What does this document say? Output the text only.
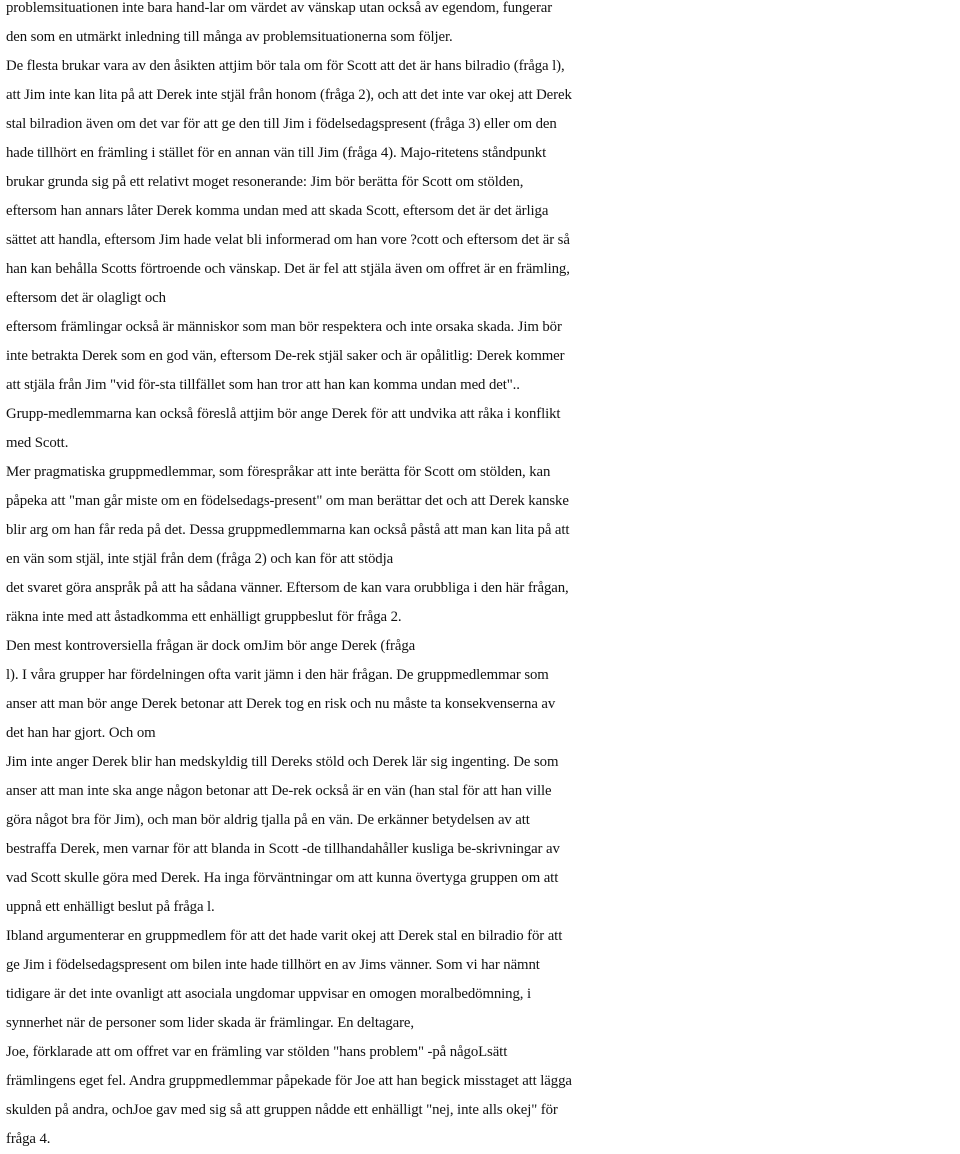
problemsituationen inte bara hand-lar om värdet av vänskap utan också av egendom, fungerar
den som en utmärkt inledning till många av problemsituationerna som följer.
De flesta brukar vara av den åsikten attjim bör tala om för Scott att det är hans bilradio (fråga l),
att Jim inte kan lita på att Derek inte stjäl från honom (fråga 2), och att det inte var okej att Derek
stal bilradion även om det var för att ge den till Jim i födelsedagspresent (fråga 3) eller om den
hade tillhört en främling i stället för en annan vän till Jim (fråga 4). Majo-ritetens ståndpunkt
brukar grunda sig på ett relativt moget resonerande: Jim bör berätta för Scott om stölden,
eftersom han annars låter Derek komma undan med att skada Scott, eftersom det är det ärliga
sättet att handla, eftersom Jim hade velat bli informerad om han vore ?cott och eftersom det är så
han kan behålla Scotts förtroende och vänskap. Det är fel att stjäla även om offret är en främling,
eftersom det är olagligt och
eftersom främlingar också är människor som man bör respektera och inte orsaka skada. Jim bör
inte betrakta Derek som en god vän, eftersom De-rek stjäl saker och är opålitlig: Derek kommer
att stjäla från Jim "vid för-sta tillfället som han tror att han kan komma undan med det"..
Grupp-medlemmarna kan också föreslå attjim bör ange Derek för att undvika att råka i konflikt
med Scott.
Mer pragmatiska gruppmedlemmar, som förespråkar att inte berätta för Scott om stölden, kan
påpeka att "man går miste om en födelsedags-present" om man berättar det och att Derek kanske
blir arg om han får reda på det. Dessa gruppmedlemmarna kan också påstå att man kan lita på att
en vän som stjäl, inte stjäl från dem (fråga 2) och kan för att stödja
det svaret göra anspråk på att ha sådana vänner. Eftersom de kan vara orubbliga i den här frågan,
räkna inte med att åstadkomma ett enhälligt gruppbeslut för fråga 2.
Den mest kontroversiella frågan är dock omJim bör ange Derek (fråga
l). I våra grupper har fördelningen ofta varit jämn i den här frågan. De gruppmedlemmar som
anser att man bör ange Derek betonar att Derek tog en risk och nu måste ta konsekvenserna av
det han har gjort. Och om
Jim inte anger Derek blir han medskyldig till Dereks stöld och Derek lär sig ingenting. De som
anser att man inte ska ange någon betonar att De-rek också är en vän (han stal för att han ville
göra något bra för Jim), och man bör aldrig tjalla på en vän. De erkänner betydelsen av att
bestraffa Derek, men varnar för att blanda in Scott -de tillhandahåller kusliga be-skrivningar av
vad Scott skulle göra med Derek. Ha inga förväntningar om att kunna övertyga gruppen om att
uppnå ett enhälligt beslut på fråga l.
Ibland argumenterar en gruppmedlem för att det hade varit okej att Derek stal en bilradio för att
ge Jim i födelsedagspresent om bilen inte hade tillhört en av Jims vänner. Som vi har nämnt
tidigare är det inte ovanligt att asociala ungdomar uppvisar en omogen moralbedömning, i
synnerhet när de personer som lider skada är främlingar. En deltagare,
Joe, förklarade att om offret var en främling var stölden "hans problem" -på någoLsätt
främlingens eget fel. Andra gruppmedlemmar påpekade för Joe att han begick misstaget att lägga
skulden på andra, ochJoe gav med sig så att gruppen nådde ett enhälligt "nej, inte alls okej" för
fråga 4.
